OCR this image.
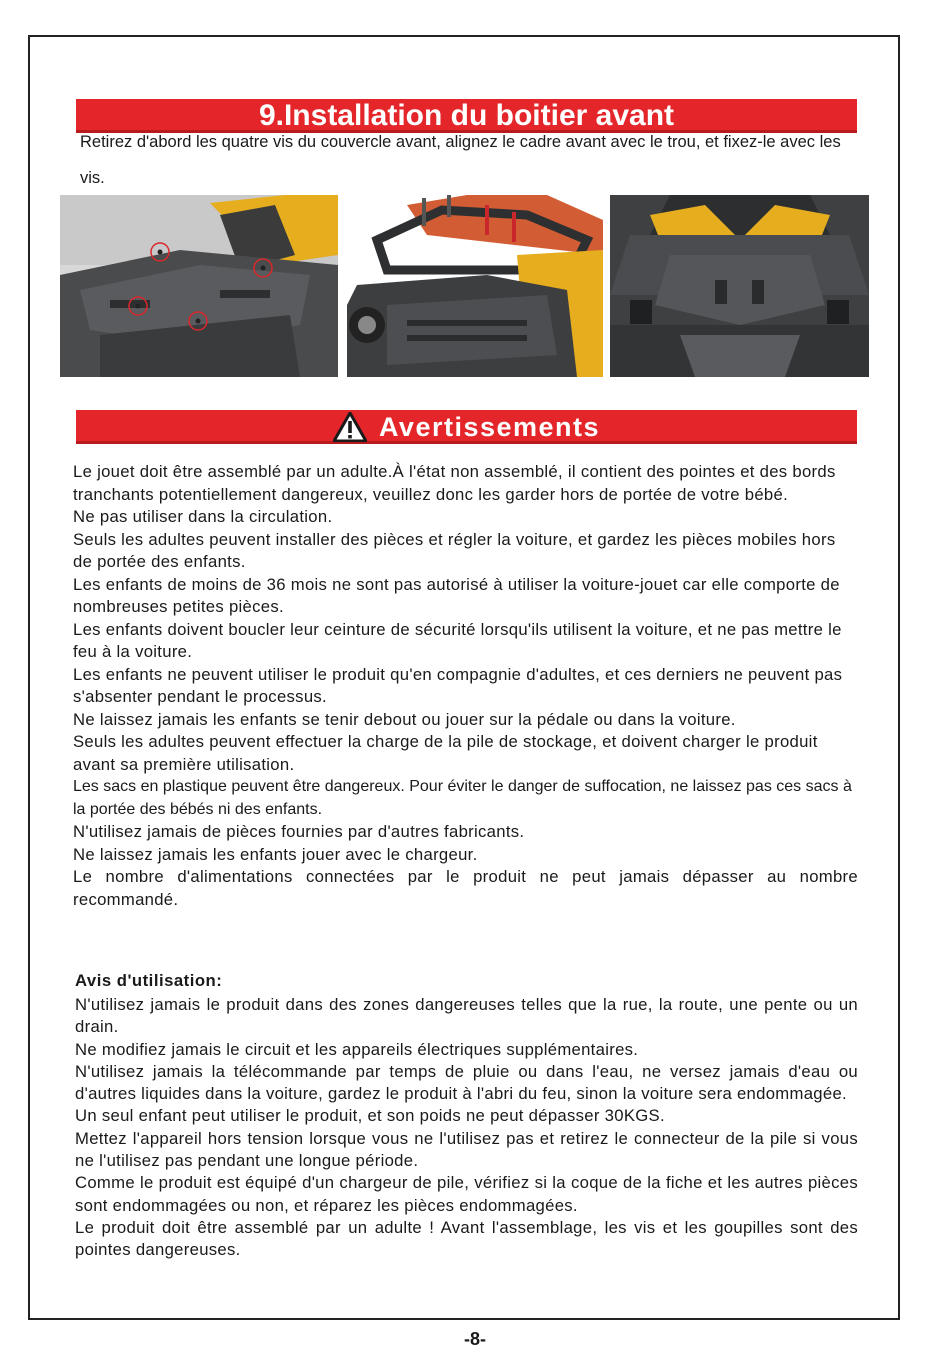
9.Installation du boitier avant

Retirez d'abord les quatre vis du couvercle avant, alignez le cadre avant avec le trou, et fixez-le avec les vis.

Avertissements
Le jouet doit être assemblé par un adulte.À l'état non assemblé, il contient des pointes et des bords tranchants potentiellement dangereux, veuillez donc les garder hors de portée de votre bébé.
Ne pas utiliser dans la circulation.
Seuls les adultes peuvent installer des pièces et régler la voiture, et gardez les pièces mobiles hors de portée des enfants.
Les enfants de moins de 36 mois ne sont pas autorisé à utiliser la voiture-jouet car elle comporte de nombreuses petites pièces.
Les enfants doivent boucler leur ceinture de sécurité lorsqu'ils utilisent la voiture, et ne pas mettre le feu à la voiture.
Les enfants ne peuvent utiliser le produit qu'en compagnie d'adultes, et ces derniers ne peuvent pas s'absenter pendant le processus.
Ne laissez jamais les enfants se tenir debout ou jouer sur la pédale ou dans la voiture.
Seuls les adultes peuvent effectuer la charge de la pile de stockage, et doivent charger le produit avant sa première utilisation.
Les sacs en plastique peuvent être dangereux. Pour éviter le danger de suffocation, ne laissez pas ces sacs à la portée des bébés ni des enfants.
N'utilisez jamais de pièces fournies par d'autres fabricants.
Ne laissez jamais les enfants jouer avec le chargeur.
Le nombre d'alimentations connectées par le produit ne peut jamais dépasser au nombre recommandé.
Avis d'utilisation:
N'utilisez jamais le produit dans des zones dangereuses telles que la rue, la route, une pente ou un drain.
Ne modifiez jamais le circuit et les appareils électriques supplémentaires.
N'utilisez jamais la télécommande par temps de pluie ou dans l'eau, ne versez jamais d'eau ou d'autres liquides dans la voiture, gardez le produit à l'abri du feu, sinon la voiture sera endommagée.
Un seul enfant peut utiliser le produit, et son poids ne peut dépasser 30KGS.
Mettez l'appareil hors tension lorsque vous ne l'utilisez pas et retirez le connecteur de la pile si vous ne l'utilisez pas pendant une longue période.
Comme le produit est équipé d'un chargeur de pile, vérifiez si la coque de la fiche et les autres pièces sont endommagées ou non, et réparez les pièces endommagées.
Le produit doit être assemblé par un adulte ! Avant l'assemblage, les vis et les goupilles sont des pointes dangereuses.
-8-
